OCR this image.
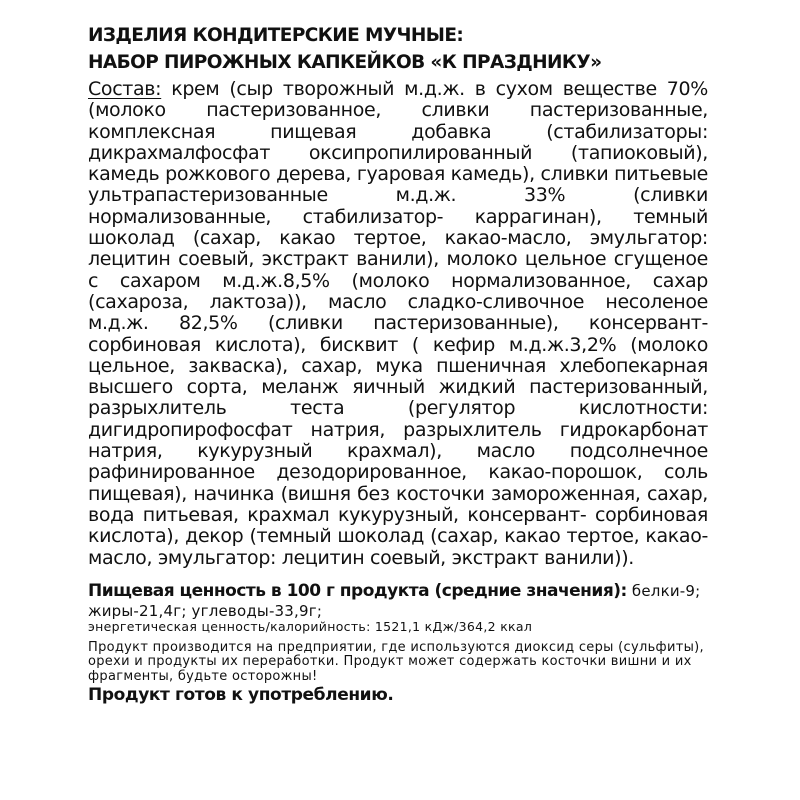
ИЗДЕЛИЯ КОНДИТЕРСКИЕ МУЧНЫЕ:
НАБОР ПИРОЖНЫХ КАПКЕЙКОВ «К ПРАЗДНИКУ»
Состав: крем (сыр творожный м.д.ж. в сухом веществе 70% (молоко пастеризованное, сливки пастеризованные, комплексная пищевая добавка (стабилизаторы: дикрахмалфосфат оксипропилированный (тапиоковый), камедь рожкового дерева, гуаровая камедь), сливки питьевые ультрапастеризованные м.д.ж. 33% (сливки нормализованные, стабилизатор- каррагинан), темный шоколад (сахар, какао тертое, какао-масло, эмульгатор: лецитин соевый, экстракт ванили), молоко цельное сгущеное с сахаром м.д.ж.8,5% (молоко нормализованное, сахар (сахароза, лактоза)), масло сладко-сливочное несоленое м.д.ж. 82,5% (сливки пастеризованные), консервант- сорбиновая кислота), бисквит ( кефир м.д.ж.3,2% (молоко цельное, закваска), сахар, мука пшеничная хлебопекарная высшего сорта, меланж яичный жидкий пастеризованный, разрыхлитель теста (регулятор кислотности: дигидропирофосфат натрия, разрыхлитель гидрокарбонат натрия, кукурузный крахмал), масло подсолнечное рафинированное дезодорированное, какао-порошок, соль пищевая), начинка (вишня без косточки замороженная, сахар, вода питьевая, крахмал кукурузный, консервант- сорбиновая кислота), декор (темный шоколад (сахар, какао тертое, какао-масло, эмульгатор: лецитин соевый, экстракт ванили)).
Пищевая ценность в 100 г продукта (средние значения): белки-9; жиры-21,4г; углеводы-33,9г;
энергетическая ценность/калорийность: 1521,1 кДж/364,2 ккал
Продукт производится на предприятии, где используются диоксид серы (сульфиты), орехи и продукты их переработки. Продукт может содержать косточки вишни и их фрагменты, будьте осторожны!
Продукт готов к употреблению.
